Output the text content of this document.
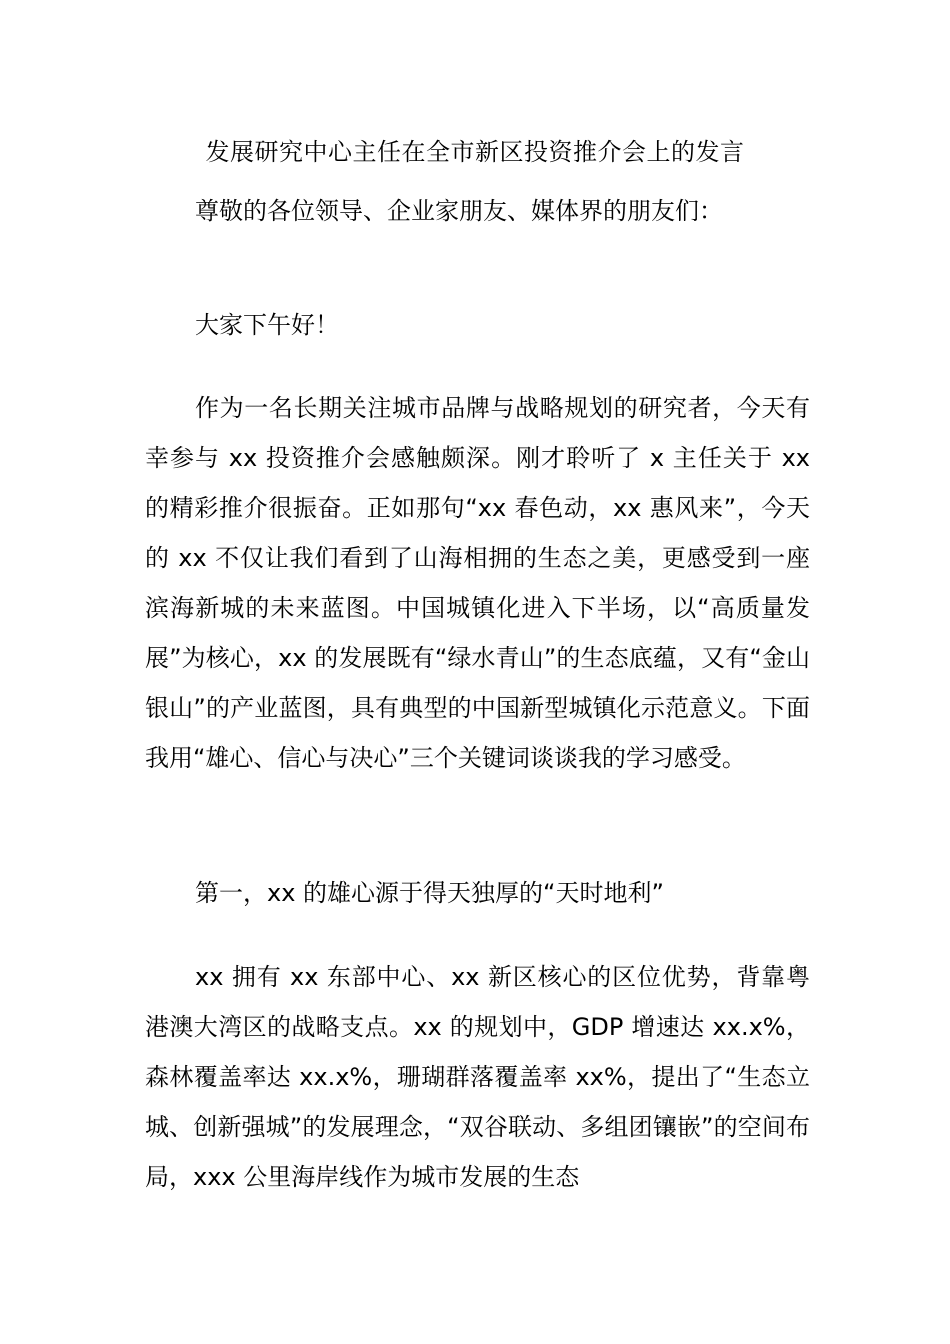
发展研究中心主任在全市新区投资推介会上的发言

尊敬的各位领导、企业家朋友、媒体界的朋友们：

大家下午好！

作为一名长期关注城市品牌与战略规划的研究者，今天有幸参与 xx 投资推介会感触颇深。刚才聆听了 x 主任关于 xx 的精彩推介很振奋。正如那句“xx 春色动，xx 惠风来”，今天的 xx 不仅让我们看到了山海相拥的生态之美，更感受到一座滨海新城的未来蓝图。中国城镇化进入下半场，以“高质量发展”为核心，xx 的发展既有“绿水青山”的生态底蕴，又有“金山银山”的产业蓝图，具有典型的中国新型城镇化示范意义。下面我用“雄心、信心与决心”三个关键词谈谈我的学习感受。

第一，xx 的雄心源于得天独厚的“天时地利”

xx 拥有 xx 东部中心、xx 新区核心的区位优势，背靠粤港澳大湾区的战略支点。xx 的规划中，GDP 增速达 xx.x%，森林覆盖率达 xx.x%，珊瑚群落覆盖率 xx%，提出了“生态立城、创新强城”的发展理念，“双谷联动、多组团镶嵌”的空间布局，xxx 公里海岸线作为城市发展的生态
